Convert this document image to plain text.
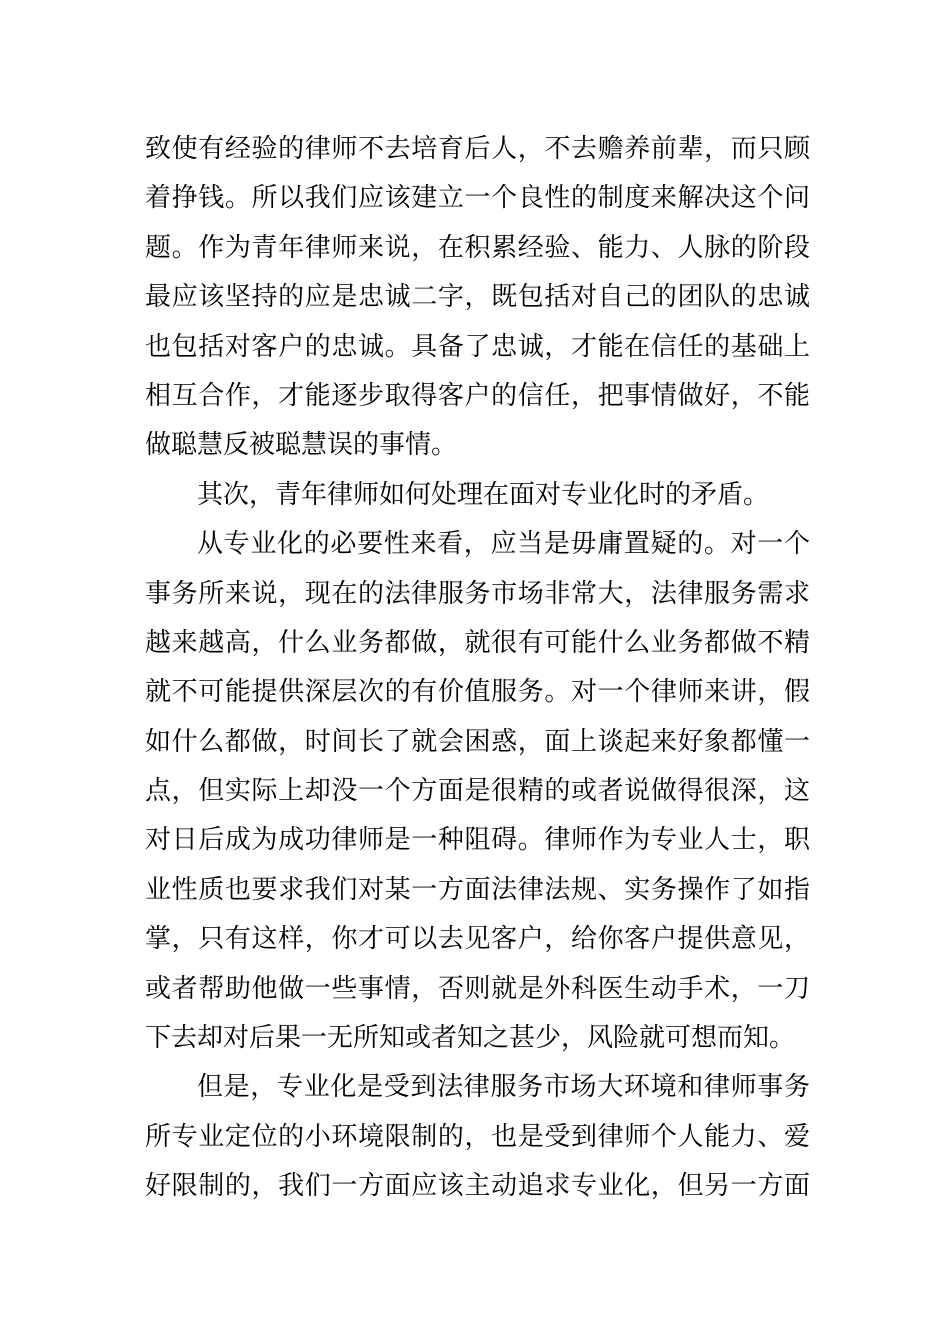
致使有经验的律师不去培育后人，不去赡养前辈，而只顾
着挣钱。所以我们应该建立一个良性的制度来解决这个问
题。作为青年律师来说，在积累经验、能力、人脉的阶段
最应该坚持的应是忠诚二字，既包括对自己的团队的忠诚
也包括对客户的忠诚。具备了忠诚，才能在信任的基础上
相互合作，才能逐步取得客户的信任，把事情做好，不能
做聪慧反被聪慧误的事情。
其次，青年律师如何处理在面对专业化时的矛盾。
从专业化的必要性来看，应当是毋庸置疑的。对一个
事务所来说，现在的法律服务市场非常大，法律服务需求
越来越高，什么业务都做，就很有可能什么业务都做不精
就不可能提供深层次的有价值服务。对一个律师来讲，假
如什么都做，时间长了就会困惑，面上谈起来好象都懂一
点，但实际上却没一个方面是很精的或者说做得很深，这
对日后成为成功律师是一种阻碍。律师作为专业人士，职
业性质也要求我们对某一方面法律法规、实务操作了如指
掌，只有这样，你才可以去见客户，给你客户提供意见，
或者帮助他做一些事情，否则就是外科医生动手术，一刀
下去却对后果一无所知或者知之甚少，风险就可想而知。
但是，专业化是受到法律服务市场大环境和律师事务
所专业定位的小环境限制的，也是受到律师个人能力、爱
好限制的，我们一方面应该主动追求专业化，但另一方面
